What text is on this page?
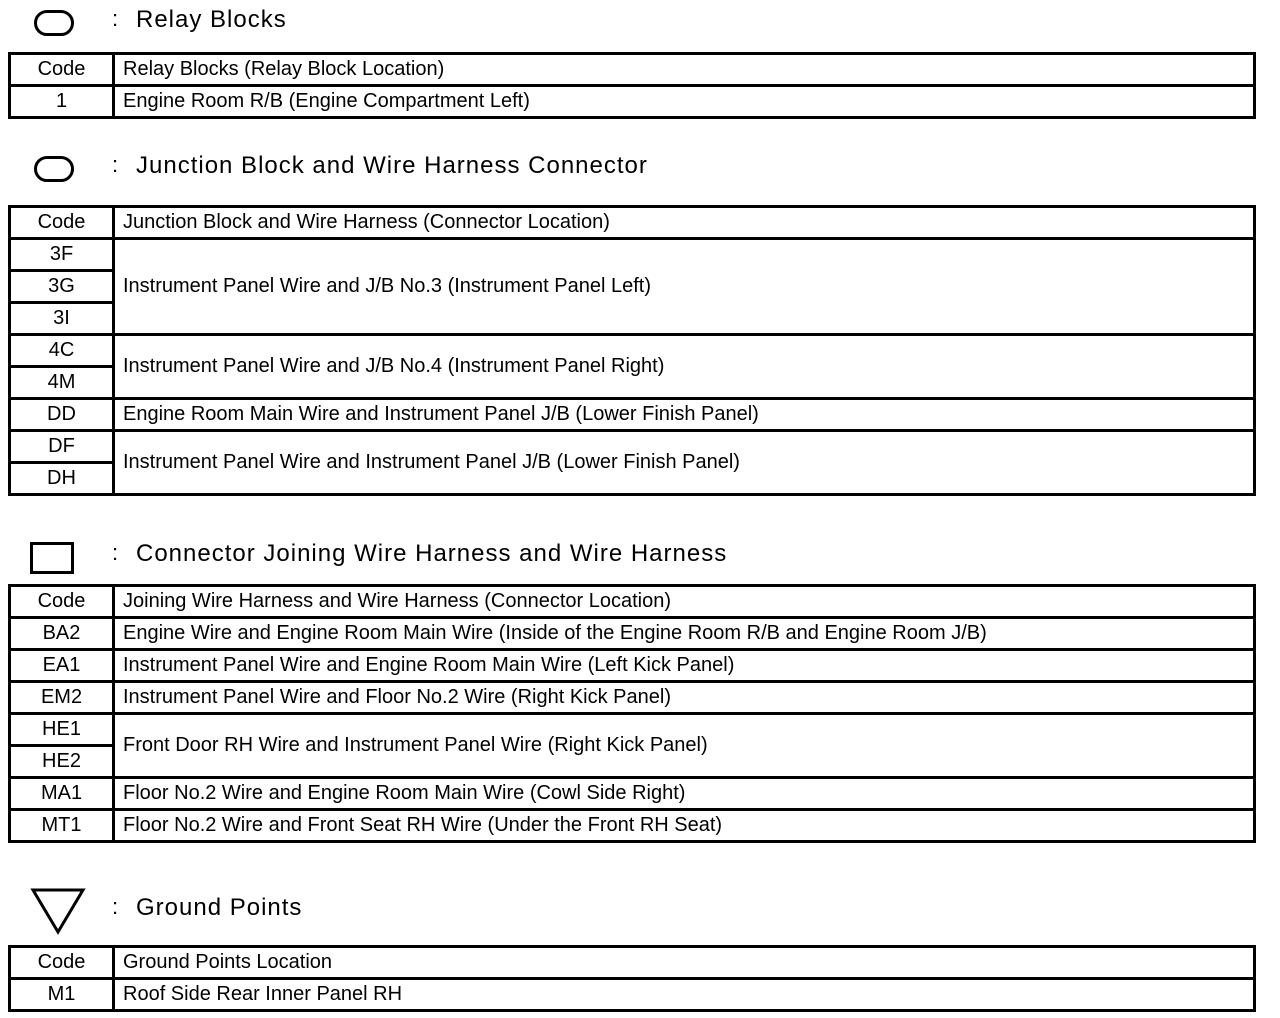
: Relay Blocks
Code	Relay Blocks (Relay Block Location)
1	Engine Room R/B (Engine Compartment Left)
: Junction Block and Wire Harness Connector
Code	Junction Block and Wire Harness (Connector Location)
3F	Instrument Panel Wire and J/B No.3 (Instrument Panel Left)
3G	
3I	
4C	Instrument Panel Wire and J/B No.4 (Instrument Panel Right)
4M	
DD	Engine Room Main Wire and Instrument Panel J/B (Lower Finish Panel)
DF	Instrument Panel Wire and Instrument Panel J/B (Lower Finish Panel)
DH	
: Connector Joining Wire Harness and Wire Harness
Code	Joining Wire Harness and Wire Harness (Connector Location)
BA2	Engine Wire and Engine Room Main Wire (Inside of the Engine Room R/B and Engine Room J/B)
EA1	Instrument Panel Wire and Engine Room Main Wire (Left Kick Panel)
EM2	Instrument Panel Wire and Floor No.2 Wire (Right Kick Panel)
HE1	Front Door RH Wire and Instrument Panel Wire (Right Kick Panel)
HE2	
MA1	Floor No.2 Wire and Engine Room Main Wire (Cowl Side Right)
MT1	Floor No.2 Wire and Front Seat RH Wire (Under the Front RH Seat)
: Ground Points
Code	Ground Points Location
M1	Roof Side Rear Inner Panel RH
